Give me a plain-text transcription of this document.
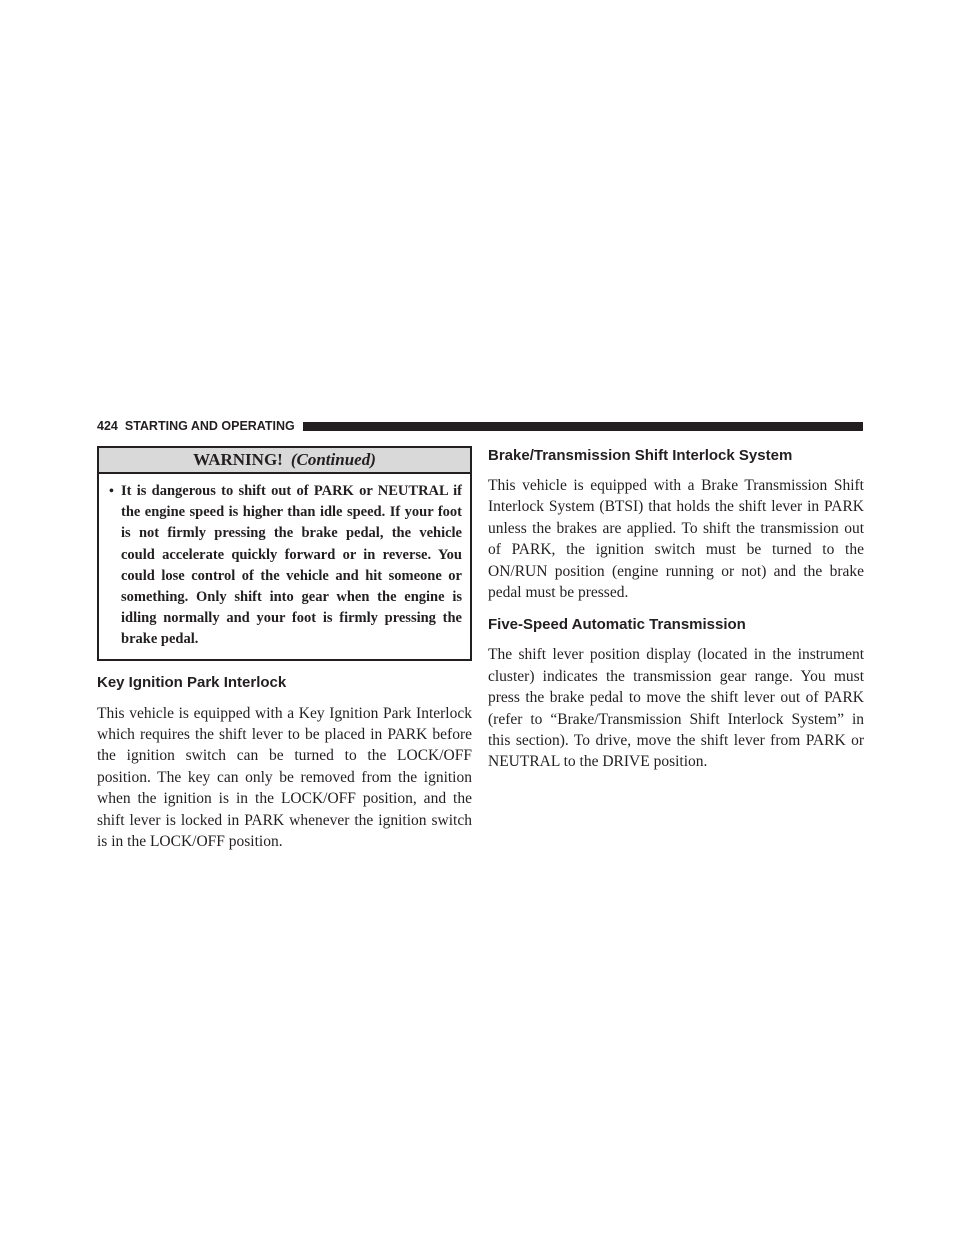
424 STARTING AND OPERATING
WARNING! (Continued)
• It is dangerous to shift out of PARK or NEUTRAL if the engine speed is higher than idle speed. If your foot is not firmly pressing the brake pedal, the vehicle could accelerate quickly forward or in reverse. You could lose control of the vehicle and hit someone or something. Only shift into gear when the engine is idling normally and your foot is firmly pressing the brake pedal.

Key Ignition Park Interlock

This vehicle is equipped with a Key Ignition Park Interlock which requires the shift lever to be placed in PARK before the ignition switch can be turned to the LOCK/OFF position. The key can only be removed from the ignition when the ignition is in the LOCK/OFF position, and the shift lever is locked in PARK whenever the ignition switch is in the LOCK/OFF position.

Brake/Transmission Shift Interlock System

This vehicle is equipped with a Brake Transmission Shift Interlock System (BTSI) that holds the shift lever in PARK unless the brakes are applied. To shift the transmission out of PARK, the ignition switch must be turned to the ON/RUN position (engine running or not) and the brake pedal must be pressed.

Five-Speed Automatic Transmission

The shift lever position display (located in the instrument cluster) indicates the transmission gear range. You must press the brake pedal to move the shift lever out of PARK (refer to “Brake/Transmission Shift Interlock System” in this section). To drive, move the shift lever from PARK or NEUTRAL to the DRIVE position.
